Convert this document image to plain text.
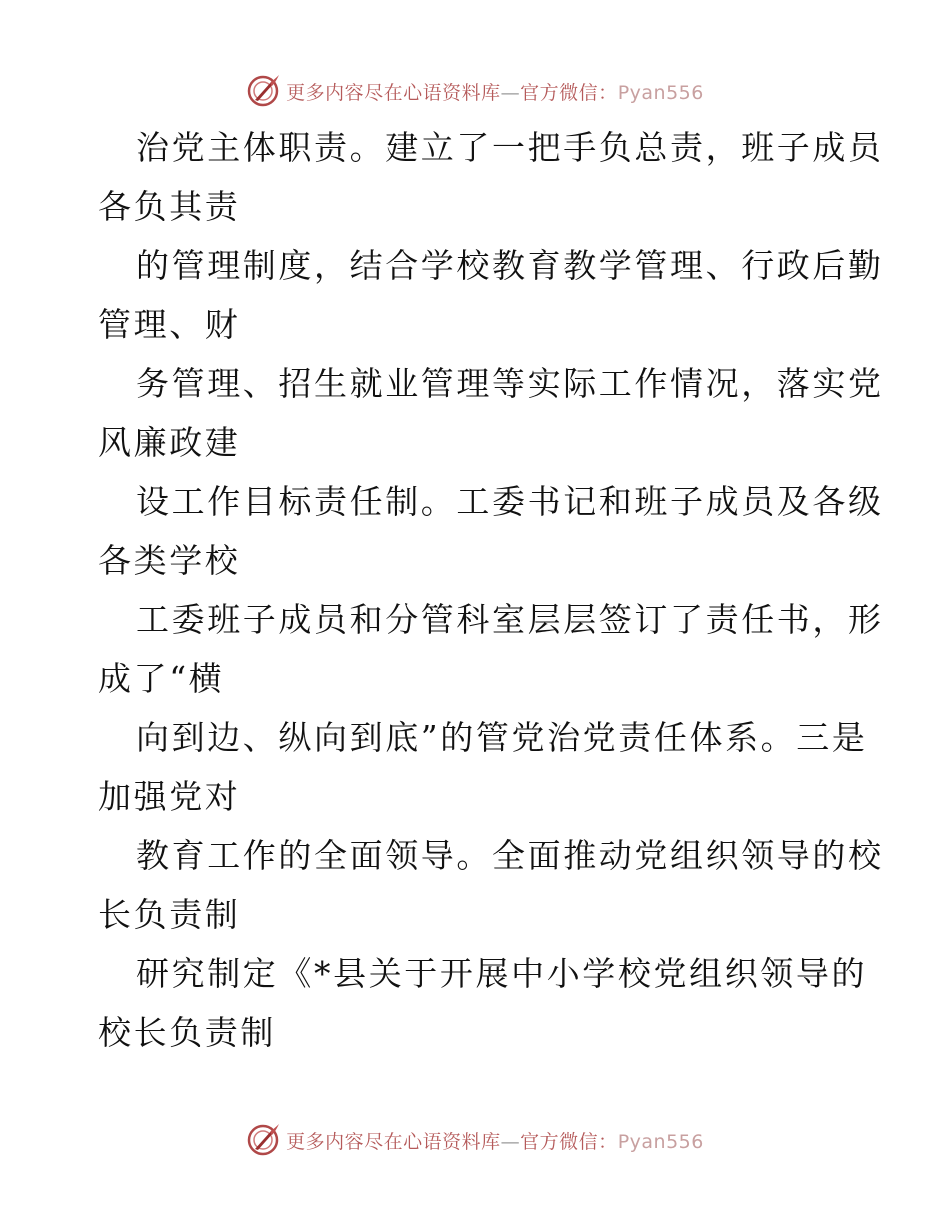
更多内容尽在心语资料库—官方微信：Pyan556

治党主体职责。建立了一把手负总责，班子成员
各负其责

的管理制度，结合学校教育教学管理、行政后勤
管理、财

务管理、招生就业管理等实际工作情况，落实党
风廉政建

设工作目标责任制。工委书记和班子成员及各级
各类学校

工委班子成员和分管科室层层签订了责任书，形
成了“横

向到边、纵向到底”的管党治党责任体系。三是
加强党对

教育工作的全面领导。全面推动党组织领导的校
长负责制

研究制定《*县关于开展中小学校党组织领导的
校长负责制

更多内容尽在心语资料库—官方微信：Pyan556
